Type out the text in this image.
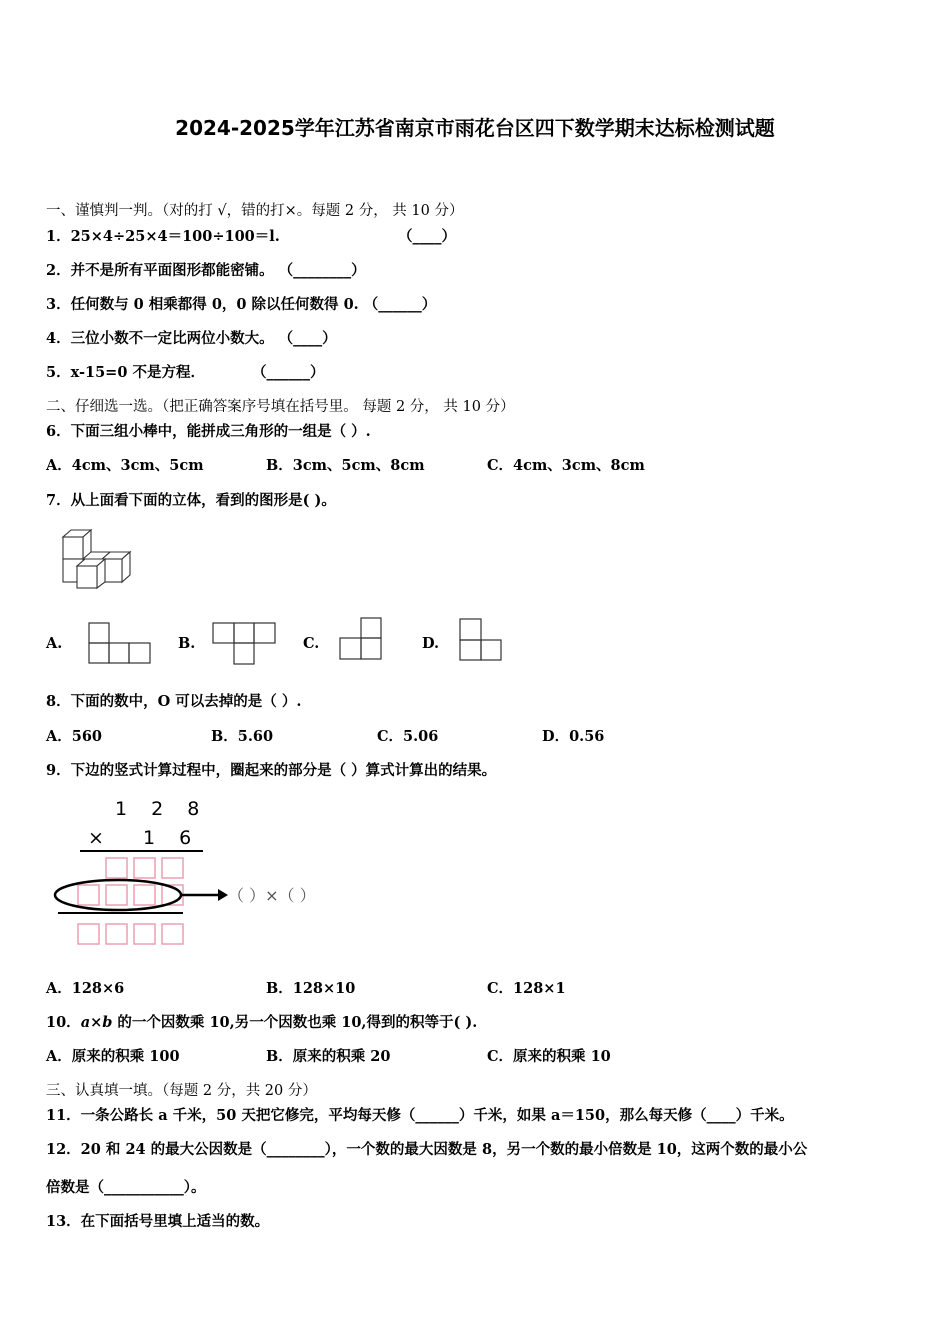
2024-2025学年江苏省南京市雨花台区四下数学期末达标检测试题
一、谨慎判一判。（对的打 √，错的打×。每题 2 分， 共 10 分）
1．25×4÷25×4＝100÷100＝l.	（____）
2．并不是所有平面图形都能密铺。 （________）
3．任何数与 0 相乘都得 0，0 除以任何数得 0. （______）
4．三位小数不一定比两位小数大。 （____）
5．x-15=0 不是方程．	（______）
二、仔细选一选。（把正确答案序号填在括号里。 每题 2 分， 共 10 分）
6．下面三组小棒中，能拼成三角形的一组是（ ）.
A．4cm、3cm、5cm	B．3cm、5cm、8cm	C．4cm、3cm、8cm
7．从上面看下面的立体，看到的图形是( )。
A.	B.	C.	D.
8．下面的数中，O 可以去掉的是（ ）.
A．560	B．5.60	C．5.06	D．0.56
9．下边的竖式计算过程中，圈起来的部分是（ ）算式计算出的结果。
1 2 8
× 1 6
（ ）×（ ）
A．128×6	B．128×10	C．128×1
10．a×b 的一个因数乘 10,另一个因数也乘 10,得到的积等于( ).
A．原来的积乘 100	B．原来的积乘 20	C．原来的积乘 10
三、认真填一填。（每题 2 分，共 20 分）
11．一条公路长 a 千米，50 天把它修完，平均每天修（______）千米，如果 a＝150，那么每天修（____）千米。
12．20 和 24 的最大公因数是（________），一个数的最大因数是 8，另一个数的最小倍数是 10，这两个数的最小公
倍数是（___________）。
13．在下面括号里填上适当的数。
